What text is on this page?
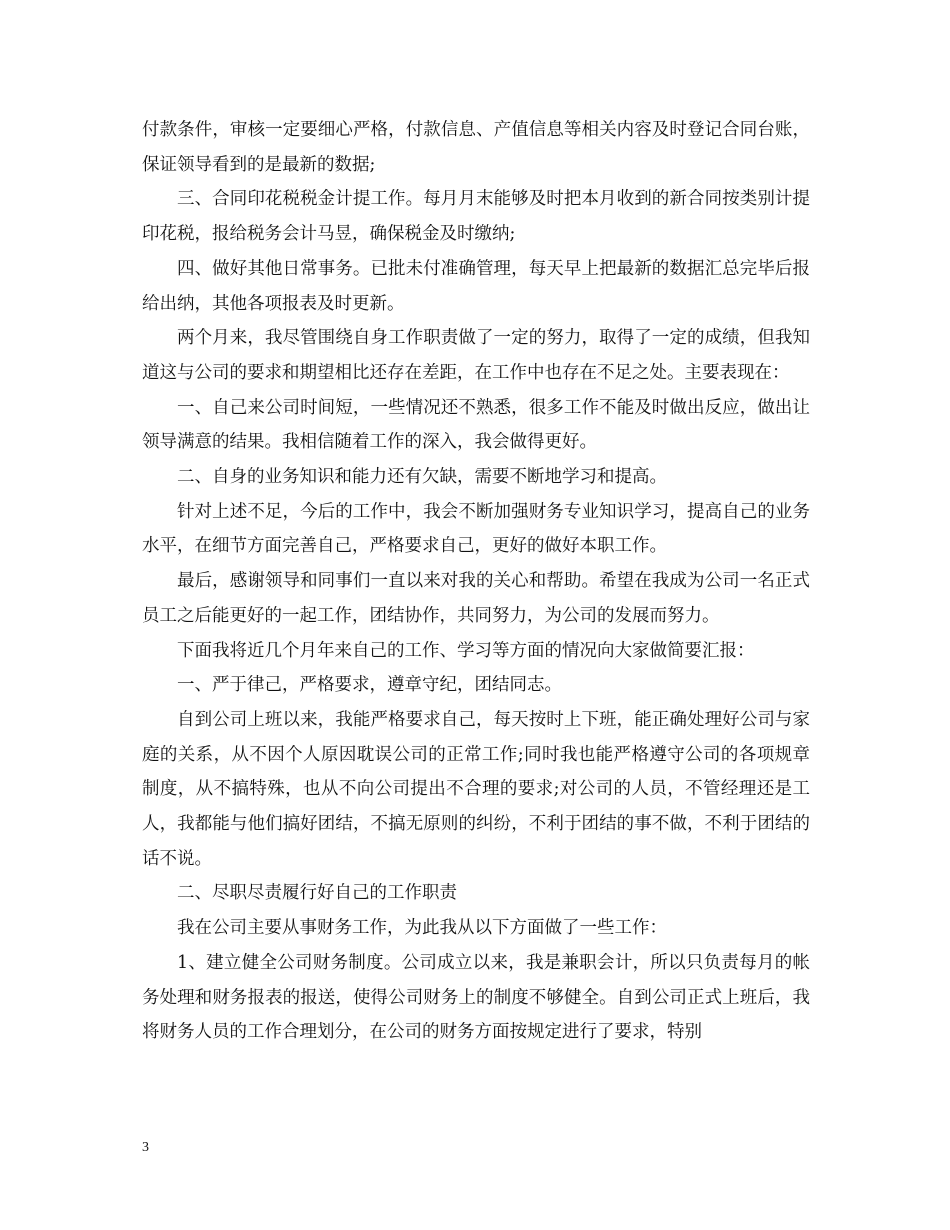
付款条件，审核一定要细心严格，付款信息、产值信息等相关内容及时登记合同台账，保证领导看到的是最新的数据;

三、合同印花税税金计提工作。每月月末能够及时把本月收到的新合同按类别计提印花税，报给税务会计马昱，确保税金及时缴纳;

四、做好其他日常事务。已批未付准确管理，每天早上把最新的数据汇总完毕后报给出纳，其他各项报表及时更新。

两个月来，我尽管围绕自身工作职责做了一定的努力，取得了一定的成绩，但我知道这与公司的要求和期望相比还存在差距，在工作中也存在不足之处。主要表现在：

一、自己来公司时间短，一些情况还不熟悉，很多工作不能及时做出反应，做出让领导满意的结果。我相信随着工作的深入，我会做得更好。

二、自身的业务知识和能力还有欠缺，需要不断地学习和提高。

针对上述不足，今后的工作中，我会不断加强财务专业知识学习，提高自己的业务水平，在细节方面完善自己，严格要求自己，更好的做好本职工作。

最后，感谢领导和同事们一直以来对我的关心和帮助。希望在我成为公司一名正式员工之后能更好的一起工作，团结协作，共同努力，为公司的发展而努力。

下面我将近几个月年来自己的工作、学习等方面的情况向大家做简要汇报：

一、严于律己，严格要求，遵章守纪，团结同志。

自到公司上班以来，我能严格要求自己，每天按时上下班，能正确处理好公司与家庭的关系，从不因个人原因耽误公司的正常工作;同时我也能严格遵守公司的各项规章制度，从不搞特殊，也从不向公司提出不合理的要求;对公司的人员，不管经理还是工人，我都能与他们搞好团结，不搞无原则的纠纷，不利于团结的事不做，不利于团结的话不说。

二、尽职尽责履行好自己的工作职责

我在公司主要从事财务工作，为此我从以下方面做了一些工作：

1、建立健全公司财务制度。公司成立以来，我是兼职会计，所以只负责每月的帐务处理和财务报表的报送，使得公司财务上的制度不够健全。自到公司正式上班后，我将财务人员的工作合理划分，在公司的财务方面按规定进行了要求，特别

3
